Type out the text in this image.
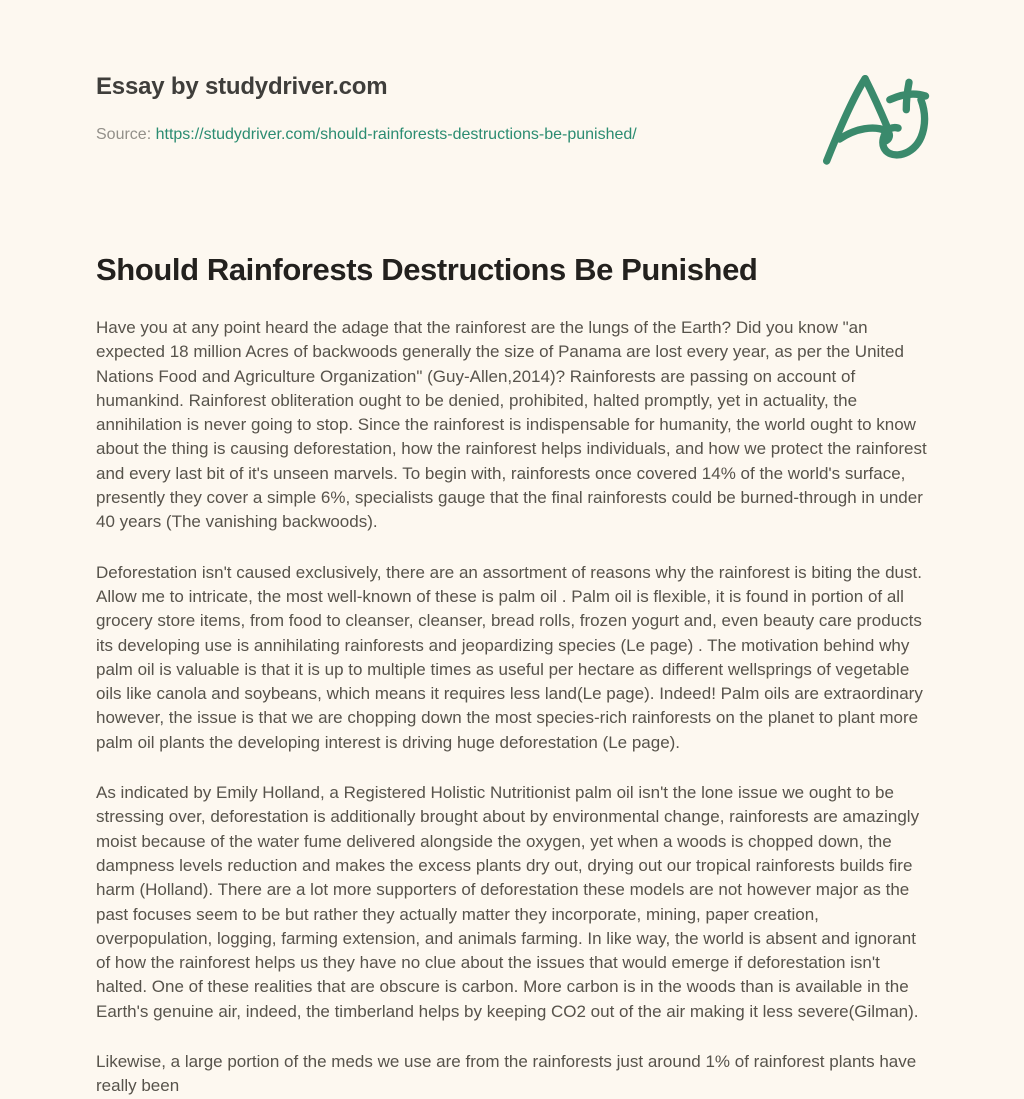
Essay by studydriver.com
Source: https://studydriver.com/should-rainforests-destructions-be-punished/
Should Rainforests Destructions Be Punished

Have you at any point heard the adage that the rainforest are the lungs of the Earth? Did you know "an expected 18 million Acres of backwoods generally the size of Panama are lost every year, as per the United Nations Food and Agriculture Organization" (Guy-Allen,2014)? Rainforests are passing on account of humankind. Rainforest obliteration ought to be denied, prohibited, halted promptly, yet in actuality, the annihilation is never going to stop. Since the rainforest is indispensable for humanity, the world ought to know about the thing is causing deforestation, how the rainforest helps individuals, and how we protect the rainforest and every last bit of it's unseen marvels. To begin with, rainforests once covered 14% of the world's surface, presently they cover a simple 6%, specialists gauge that the final rainforests could be burned-through in under 40 years (The vanishing backwoods).

Deforestation isn't caused exclusively, there are an assortment of reasons why the rainforest is biting the dust. Allow me to intricate, the most well-known of these is palm oil . Palm oil is flexible, it is found in portion of all grocery store items, from food to cleanser, cleanser, bread rolls, frozen yogurt and, even beauty care products its developing use is annihilating rainforests and jeopardizing species (Le page) . The motivation behind why palm oil is valuable is that it is up to multiple times as useful per hectare as different wellsprings of vegetable oils like canola and soybeans, which means it requires less land(Le page). Indeed! Palm oils are extraordinary however, the issue is that we are chopping down the most species-rich rainforests on the planet to plant more palm oil plants the developing interest is driving huge deforestation (Le page).

As indicated by Emily Holland, a Registered Holistic Nutritionist palm oil isn't the lone issue we ought to be stressing over, deforestation is additionally brought about by environmental change, rainforests are amazingly moist because of the water fume delivered alongside the oxygen, yet when a woods is chopped down, the dampness levels reduction and makes the excess plants dry out, drying out our tropical rainforests builds fire harm (Holland). There are a lot more supporters of deforestation these models are not however major as the past focuses seem to be but rather they actually matter they incorporate, mining, paper creation, overpopulation, logging, farming extension, and animals farming. In like way, the world is absent and ignorant of how the rainforest helps us they have no clue about the issues that would emerge if deforestation isn't halted. One of these realities that are obscure is carbon. More carbon is in the woods than is available in the Earth's genuine air, indeed, the timberland helps by keeping CO2 out of the air making it less severe(Gilman).

Likewise, a large portion of the meds we use are from the rainforests just around 1% of rainforest plants have really been
